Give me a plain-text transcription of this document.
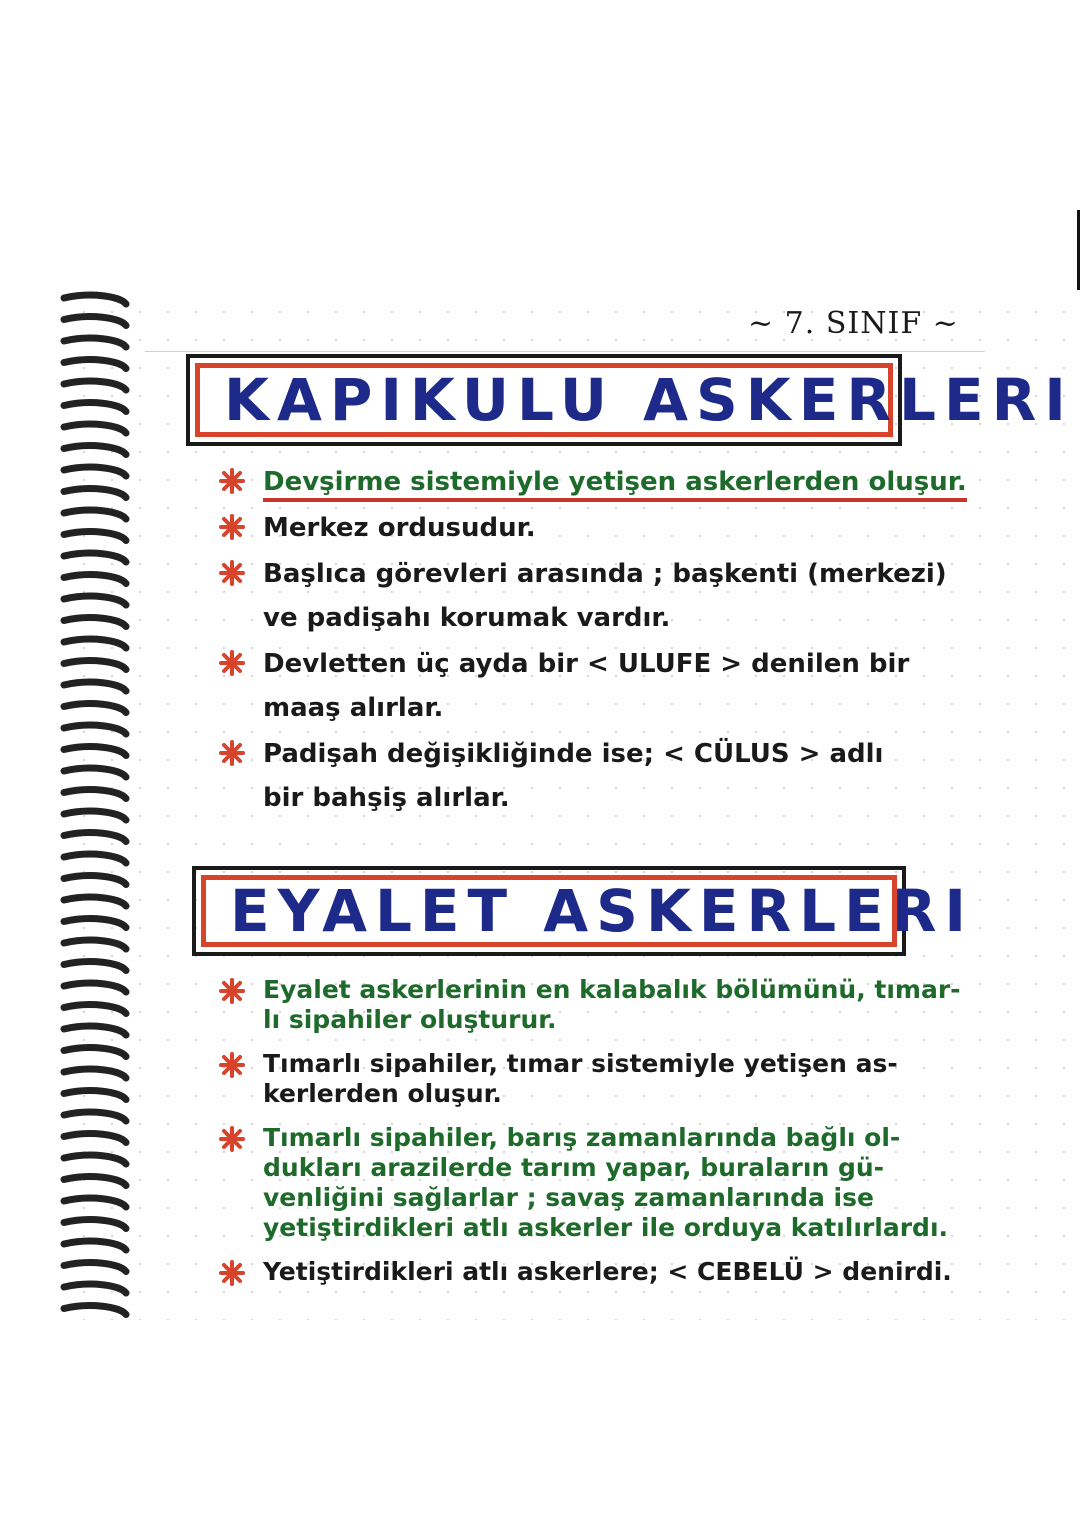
~ 7. SINIF ~
KAPIKULU ASKERLERI
Devşirme sistemiyle yetişen askerlerden oluşur.
Merkez ordusudur.
Başlıca görevleri arasında ; başkenti (merkezi)
ve padişahı korumak vardır.
Devletten üç ayda bir < ULUFE > denilen bir
maaş alırlar.
Padişah değişikliğinde ise; < CÜLUS > adlı
bir bahşiş alırlar.
EYALET ASKERLERI
Eyalet askerlerinin en kalabalık bölümünü, tımar-
lı sipahiler oluşturur.
Tımarlı sipahiler, tımar sistemiyle yetişen as-
kerlerden oluşur.
Tımarlı sipahiler, barış zamanlarında bağlı ol-
dukları arazilerde tarım yapar, buraların gü-
venliğini sağlarlar ; savaş zamanlarında ise
yetiştirdikleri atlı askerler ile orduya katılırlardı.
Yetiştirdikleri atlı askerlere; < CEBELÜ > denirdi.
